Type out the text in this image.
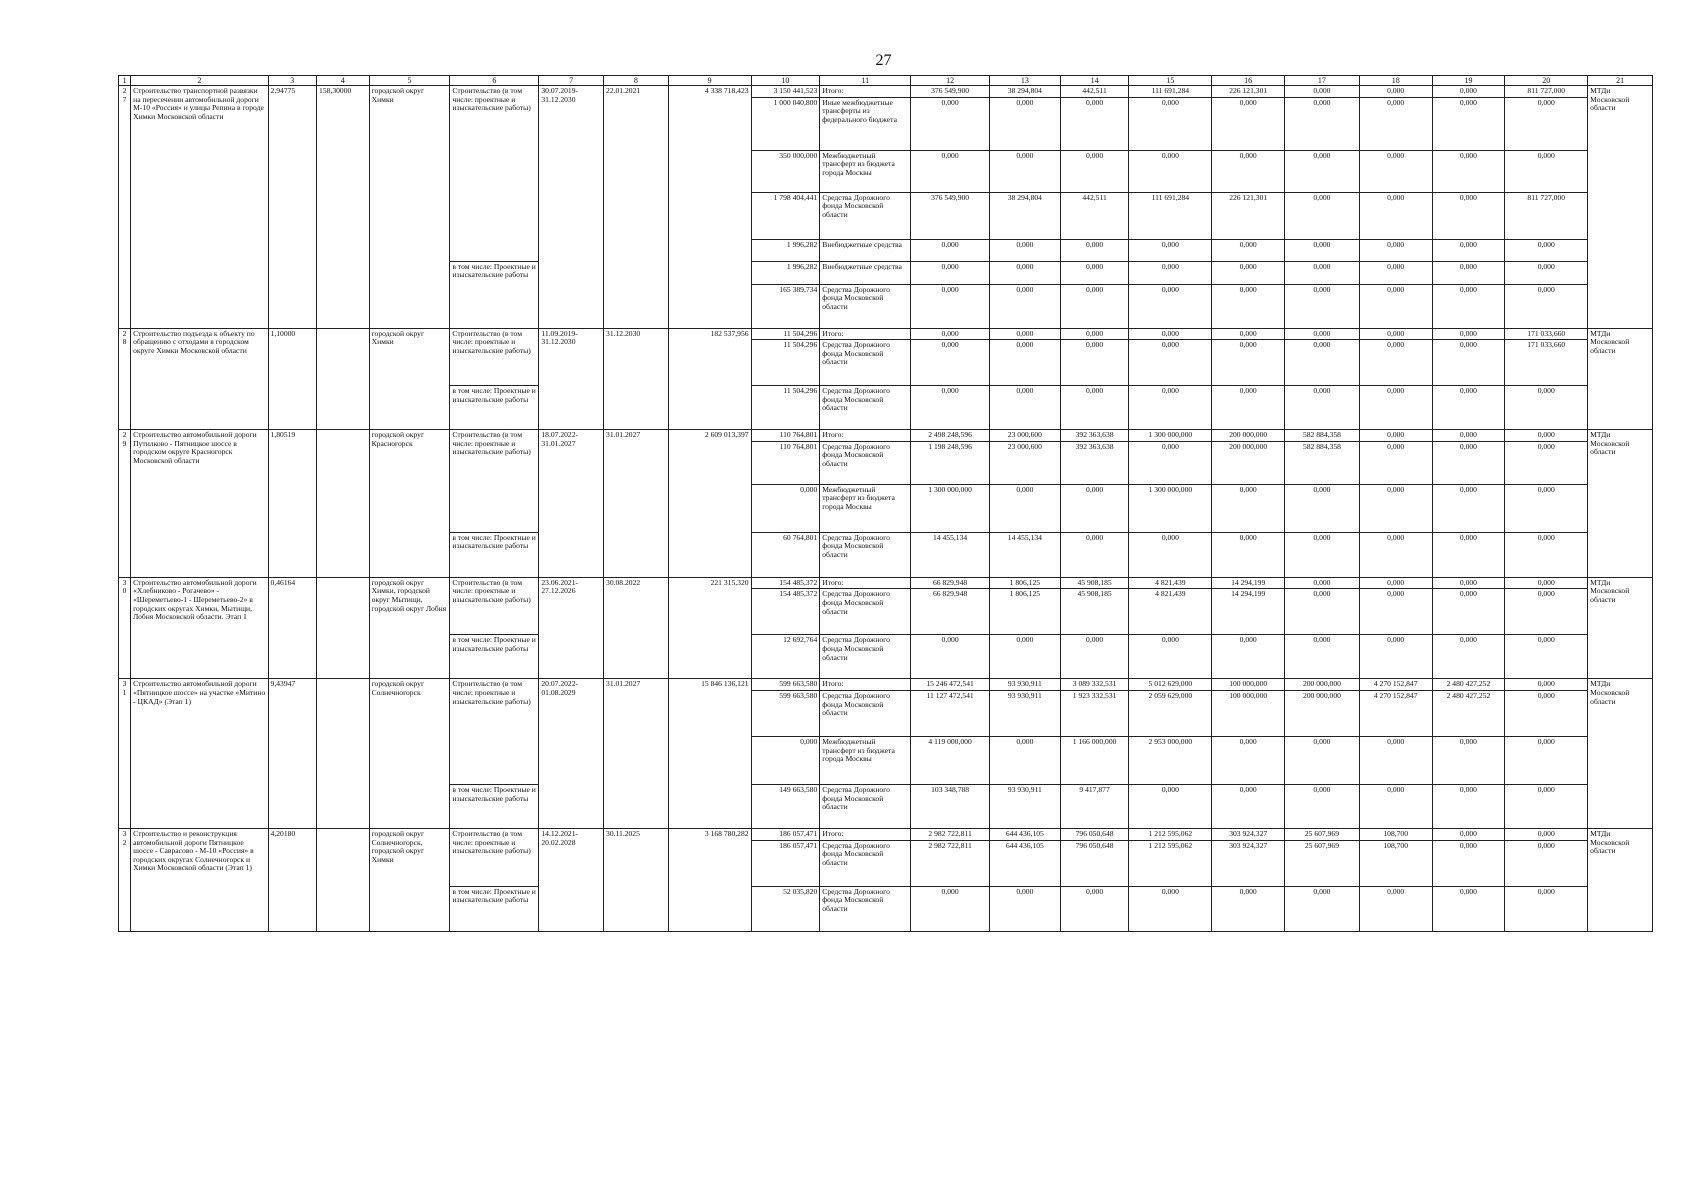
27
1	2	3	4	5	6	7	8	9	10	11	12	13	14	15	16	17	18	19	20	21
27	Строительство транспортной развязки на пересечении автомобильной дороги М-10 «Россия» и улицы Репина в городе Химки Московской области	2,94775	158,30000	городской округ Химки	Строительство (в том числе: проектные и изыскательские работы)	30.07.2019-31.12.2030	22.01.2021	4 338 718,423	3 150 441,523	Итого:	376 549,900	38 294,804	442,511	111 691,284	226 121,301	0,000	0,000	0,000	811 727,000	МТДи Московской области
									1 000 040,800	Иные межбюджетные трансферты из федерального бюджета	0,000	0,000	0,000	0,000	0,000	0,000	0,000	0,000	0,000	
									350 000,000	Межбюджетный трансферт из бюджета города Москвы	0,000	0,000	0,000	0,000	0,000	0,000	0,000	0,000	0,000	
									1 798 404,441	Средства Дорожного фонда Московской области	376 549,900	38 294,804	442,511	111 691,284	226 121,301	0,000	0,000	0,000	811 727,000	
									1 996,282	Внебюджетные средства	0,000	0,000	0,000	0,000	0,000	0,000	0,000	0,000	0,000	
					в том числе: Проектные и изыскательские работы				1 996,282	Внебюджетные средства	0,000	0,000	0,000	0,000	0,000	0,000	0,000	0,000	0,000	
									165 389,734	Средства Дорожного фонда Московской области	0,000	0,000	0,000	0,000	0,000	0,000	0,000	0,000	0,000	
28	Строительство подъезда к объекту по обращению с отходами в городском округе Химки Московской области	1,10000		городской округ Химки	Строительство (в том числе: проектные и изыскательские работы)	11.09.2019-31.12.2030	31.12.2030	182 537,956	11 504,296	Итого:	0,000	0,000	0,000	0,000	0,000	0,000	0,000	0,000	171 033,660	МТДи Московской области
									11 504,296	Средства Дорожного фонда Московской области	0,000	0,000	0,000	0,000	0,000	0,000	0,000	0,000	171 033,660	
					в том числе: Проектные и изыскательские работы				11 504,296	Средства Дорожного фонда Московской области	0,000	0,000	0,000	0,000	0,000	0,000	0,000	0,000	0,000	
29	Строительство автомобильной дороги Путилково - Пятницкое шоссе в городском округе Красногорск Московской области	1,80519		городской округ Красногорск	Строительство (в том числе: проектные и изыскательские работы)	18.07.2022-31.01.2027	31.01.2027	2 609 013,397	110 764,801	Итого:	2 498 248,596	23 000,600	392 363,638	1 300 000,000	200 000,000	582 884,358	0,000	0,000	0,000	МТДи Московской области
									110 764,801	Средства Дорожного фонда Московской области	1 198 248,596	23 000,600	392 363,638	0,000	200 000,000	582 884,358	0,000	0,000	0,000	
									0,000	Межбюджетный трансферт из бюджета города Москвы	1 300 000,000	0,000	0,000	1 300 000,000	0,000	0,000	0,000	0,000	0,000	
					в том числе: Проектные и изыскательские работы				60 764,801	Средства Дорожного фонда Московской области	14 455,134	14 455,134	0,000	0,000	0,000	0,000	0,000	0,000	0,000	
30	Строительство автомобильной дороги «Хлебниково - Рогачево» - «Шереметьево-1 - Шереметьево-2» в городских округах Химки, Мытищи, Лобня Московской области. Этап 1	0,46164		городской округ Химки, городской округ Мытищи, городской округ Лобня	Строительство (в том числе: проектные и изыскательские работы)	23.06.2021-27.12.2026	30.08.2022	221 315,320	154 485,372	Итого:	66 829,948	1 806,125	45 908,185	4 821,439	14 294,199	0,000	0,000	0,000	0,000	МТДи Московской области
									154 485,372	Средства Дорожного фонда Московской области	66 829,948	1 806,125	45 908,185	4 821,439	14 294,199	0,000	0,000	0,000	0,000	
					в том числе: Проектные и изыскательские работы				12 692,764	Средства Дорожного фонда Московской области	0,000	0,000	0,000	0,000	0,000	0,000	0,000	0,000	0,000	
31	Строительство автомобильной дороги «Пятницкое шоссе» на участке «Митино - ЦКАД» (Этап 1)	9,43947		городской округ Солнечногорск	Строительство (в том числе: проектные и изыскательские работы)	20.07.2022-01.08.2029	31.01.2027	15 846 136,121	599 663,580	Итого:	15 246 472,541	93 930,911	3 089 332,531	5 012 629,000	100 000,000	200 000,000	4 270 152,847	2 480 427,252	0,000	МТДи Московской области
									599 663,580	Средства Дорожного фонда Московской области	11 127 472,541	93 930,911	1 923 332,531	2 059 629,000	100 000,000	200 000,000	4 270 152,847	2 480 427,252	0,000	
									0,000	Межбюджетный трансферт из бюджета города Москвы	4 119 000,000	0,000	1 166 000,000	2 953 000,000	0,000	0,000	0,000	0,000	0,000	
					в том числе: Проектные и изыскательские работы				149 663,580	Средства Дорожного фонда Московской области	103 348,788	93 930,911	9 417,877	0,000	0,000	0,000	0,000	0,000	0,000	
32	Строительство и реконструкция автомобильной дороги Пятницкое шоссе - Саврасово - М-10 «Россия» в городских округах Солнечногорск и Химки Московской области (Этап 1)	4,20180		городской округ Солнечногорск, городской округ Химки	Строительство (в том числе: проектные и изыскательские работы)	14.12.2021-20.02.2028	30.11.2025	3 168 780,282	186 057,471	Итого:	2 982 722,811	644 436,105	796 050,648	1 212 595,062	303 924,327	25 607,969	108,700	0,000	0,000	МТДи Московской области
									186 057,471	Средства Дорожного фонда Московской области	2 982 722,811	644 436,105	796 050,648	1 212 595,062	303 924,327	25 607,969	108,700	0,000	0,000	
					в том числе: Проектные и изыскательские работы				52 035,820	Средства Дорожного фонда Московской области	0,000	0,000	0,000	0,000	0,000	0,000	0,000	0,000	0,000	
